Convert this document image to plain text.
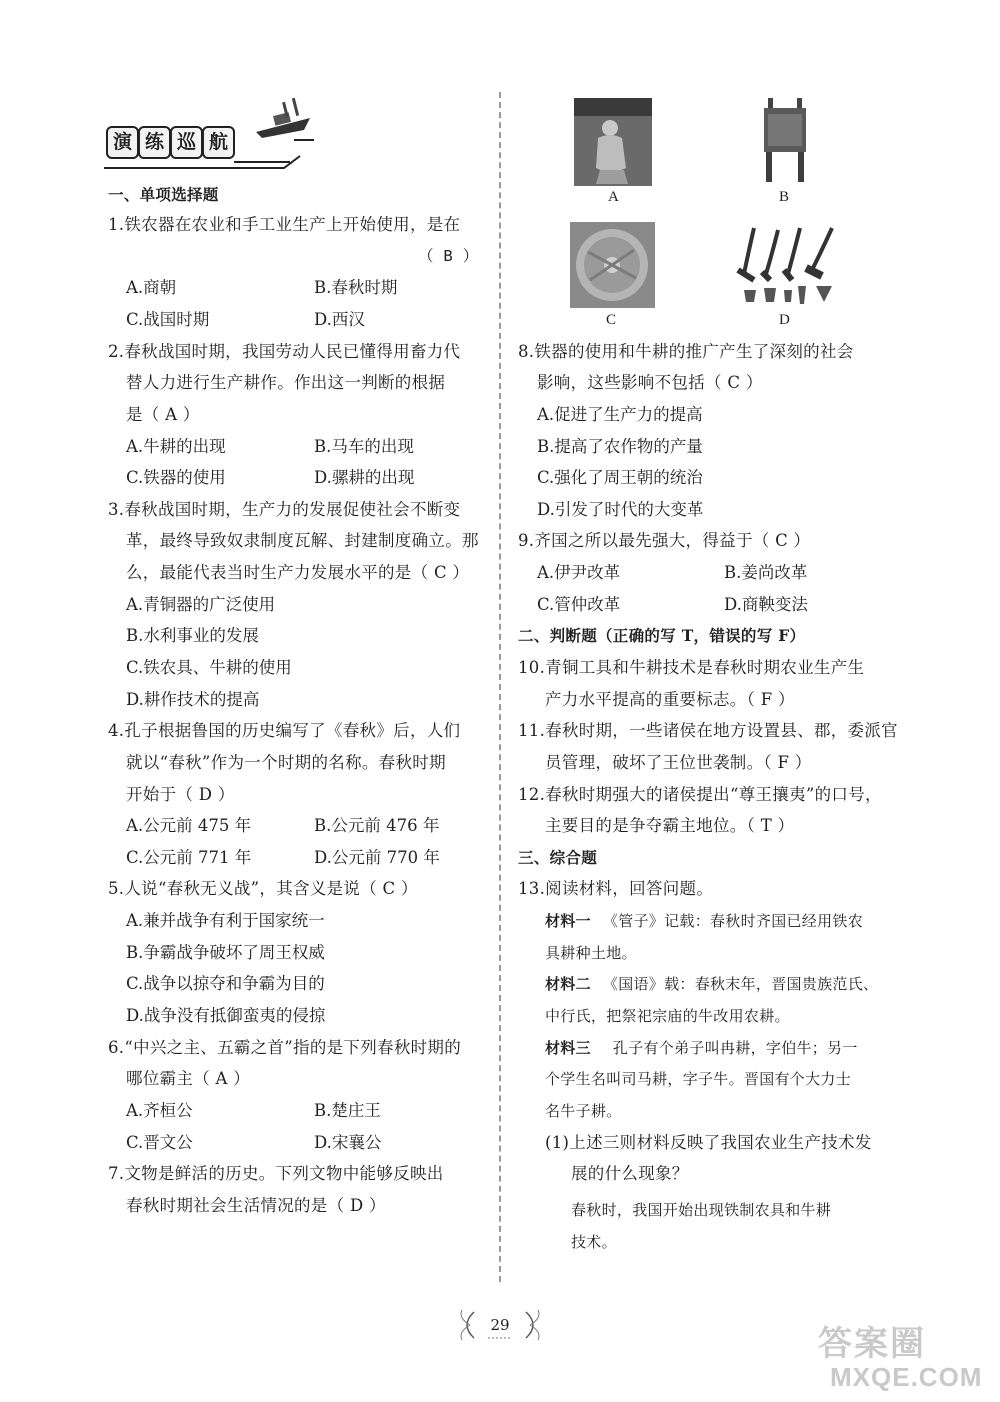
演 练 巡 航
一、单项选择题
1.铁农器在农业和手工业生产上开始使用，是在
（ B ）
A.商朝	B.春秋时期
C.战国时期	D.西汉
2.春秋战国时期，我国劳动人民已懂得用畜力代
替人力进行生产耕作。作出这一判断的根据
是（ A ）
A.牛耕的出现	B.马车的出现
C.铁器的使用	D.骡耕的出现
3.春秋战国时期，生产力的发展促使社会不断变
革，最终导致奴隶制度瓦解、封建制度确立。那
么，最能代表当时生产力发展水平的是（ C ）
A.青铜器的广泛使用
B.水利事业的发展
C.铁农具、牛耕的使用
D.耕作技术的提高
4.孔子根据鲁国的历史编写了《春秋》后，人们
就以“春秋”作为一个时期的名称。春秋时期
开始于（ D ）
A.公元前 475 年	B.公元前 476 年
C.公元前 771 年	D.公元前 770 年
5.人说“春秋无义战”，其含义是说（ C ）
A.兼并战争有利于国家统一
B.争霸战争破坏了周王权威
C.战争以掠夺和争霸为目的
D.战争没有抵御蛮夷的侵掠
6.“中兴之主、五霸之首”指的是下列春秋时期的
哪位霸主（ A ）
A.齐桓公	B.楚庄王
C.晋文公	D.宋襄公
7.文物是鲜活的历史。下列文物中能够反映出
春秋时期社会生活情况的是（ D ）
A	B
C	D
8.铁器的使用和牛耕的推广产生了深刻的社会
影响，这些影响不包括（ C ）
A.促进了生产力的提高
B.提高了农作物的产量
C.强化了周王朝的统治
D.引发了时代的大变革
9.齐国之所以最先强大，得益于（ C ）
A.伊尹改革	B.姜尚改革
C.管仲改革	D.商鞅变法
二、判断题（正确的写 T，错误的写 F）
10.青铜工具和牛耕技术是春秋时期农业生产生
产力水平提高的重要标志。（ F ）
11.春秋时期，一些诸侯在地方设置县、郡，委派官
员管理，破坏了王位世袭制。（ F ）
12.春秋时期强大的诸侯提出“尊王攘夷”的口号，
主要目的是争夺霸主地位。（ T ）
三、综合题
13.阅读材料，回答问题。
材料一 《管子》记载：春秋时齐国已经用铁农
具耕种土地。
材料二 《国语》载：春秋末年，晋国贵族范氏、
中行氏，把祭祀宗庙的牛改用农耕。
材料三 孔子有个弟子叫冉耕，字伯牛；另一
个学生名叫司马耕，字子牛。晋国有个大力士
名牛子耕。
(1)上述三则材料反映了我国农业生产技术发
展的什么现象？
春秋时，我国开始出现铁制农具和牛耕
技术。
29	答案圈
MXQE.COM
